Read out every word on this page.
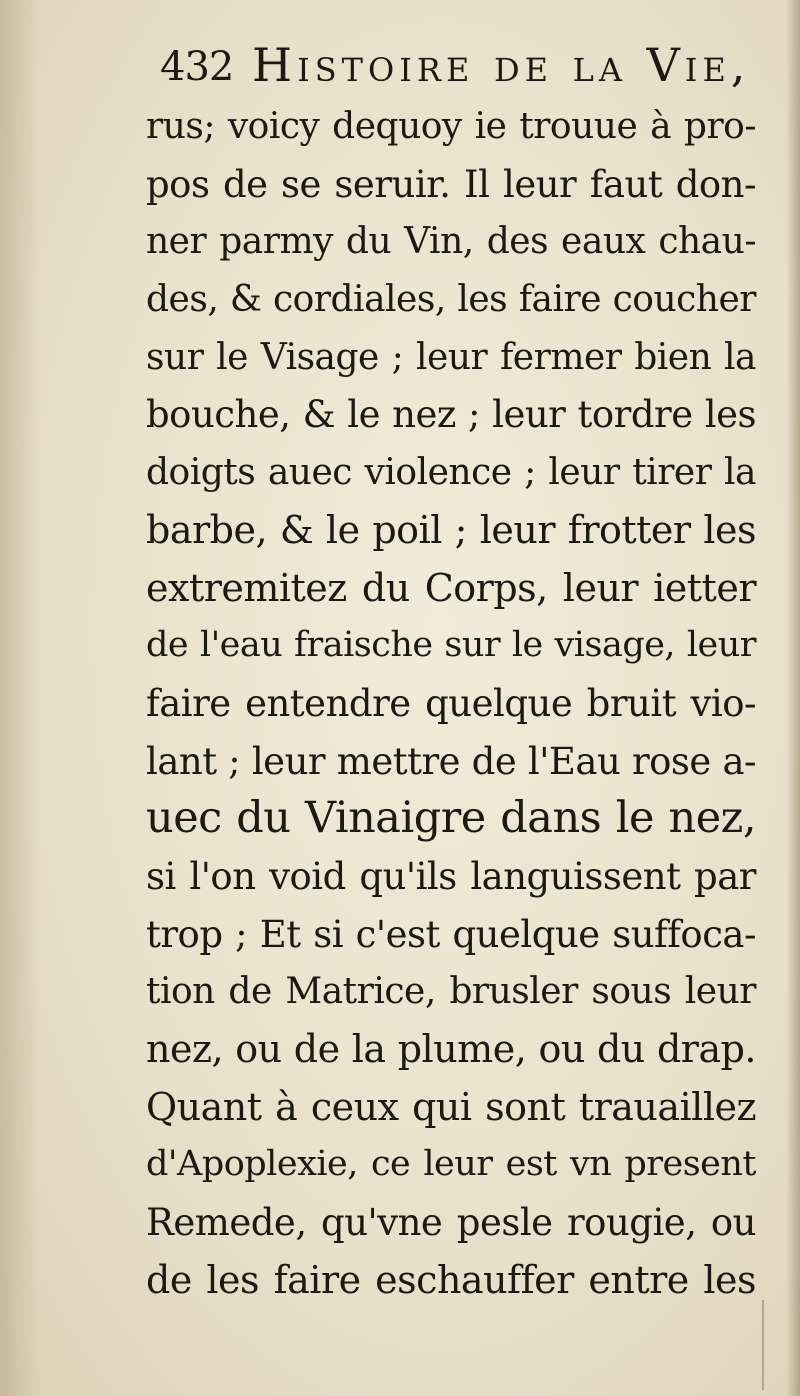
432 Histoire de la Vie,
rus; voicy dequoy ie trouue à pro-
pos de se seruir. Il leur faut don-
ner parmy du Vin, des eaux chau-
des, & cordiales, les faire coucher
sur le Visage ; leur fermer bien la
bouche, & le nez ; leur tordre les
doigts auec violence ; leur tirer la
barbe, & le poil ; leur frotter les
extremitez du Corps, leur ietter
de l'eau fraische sur le visage, leur
faire entendre quelque bruit vio-
lant ; leur mettre de l'Eau rose a-
uec du Vinaigre dans le nez,
si l'on void qu'ils languissent par
trop ; Et si c'est quelque suffoca-
tion de Matrice, brusler sous leur
nez, ou de la plume, ou du drap.
Quant à ceux qui sont trauaillez
d'Apoplexie, ce leur est vn present
Remede, qu'vne pesle rougie, ou
de les faire eschauffer entre les
